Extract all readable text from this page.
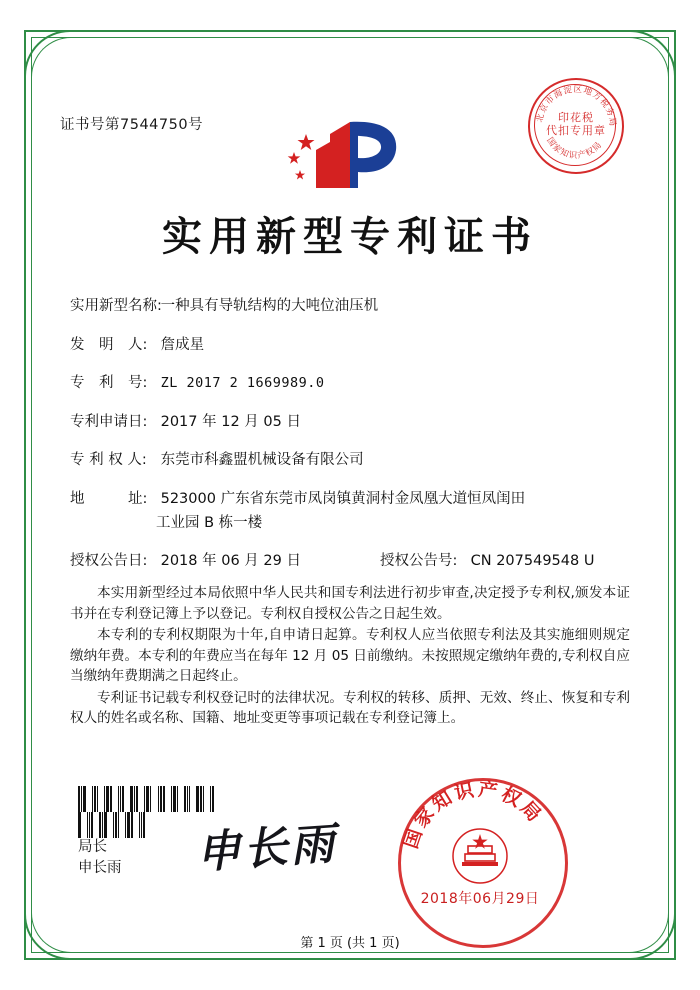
证书号第7544750号	北京市海淀区地方税务局
国家知识产权局
印花税
代扣专用章
实用新型专利证书
实用新型名称: 一种具有导轨结构的大吨位油压机
发　明　人: 詹成星
专　利　号: ZL 2017 2 1669989.0
专利申请日: 2017 年 12 月 05 日
专 利 权 人: 东莞市科鑫盟机械设备有限公司
地　　　址: 523000 广东省东莞市凤岗镇黄洞村金凤凰大道恒凤闺田
工业园 B 栋一楼
授权公告日: 2018 年 06 月 29 日	授权公告号: CN 207549548 U

本实用新型经过本局依照中华人民共和国专利法进行初步审查,决定授予专利权,颁发本证书并在专利登记簿上予以登记。专利权自授权公告之日起生效。

本专利的专利权期限为十年,自申请日起算。专利权人应当依照专利法及其实施细则规定缴纳年费。本专利的年费应当在每年 12 月 05 日前缴纳。未按照规定缴纳年费的,专利权自应当缴纳年费期满之日起终止。

专利证书记载专利权登记时的法律状况。专利权的转移、质押、无效、终止、恢复和专利权人的姓名或名称、国籍、地址变更等事项记载在专利登记簿上。

局长
申长雨 申长雨	国家知识产权局
2018年06月29日
第 1 页 (共 1 页)
